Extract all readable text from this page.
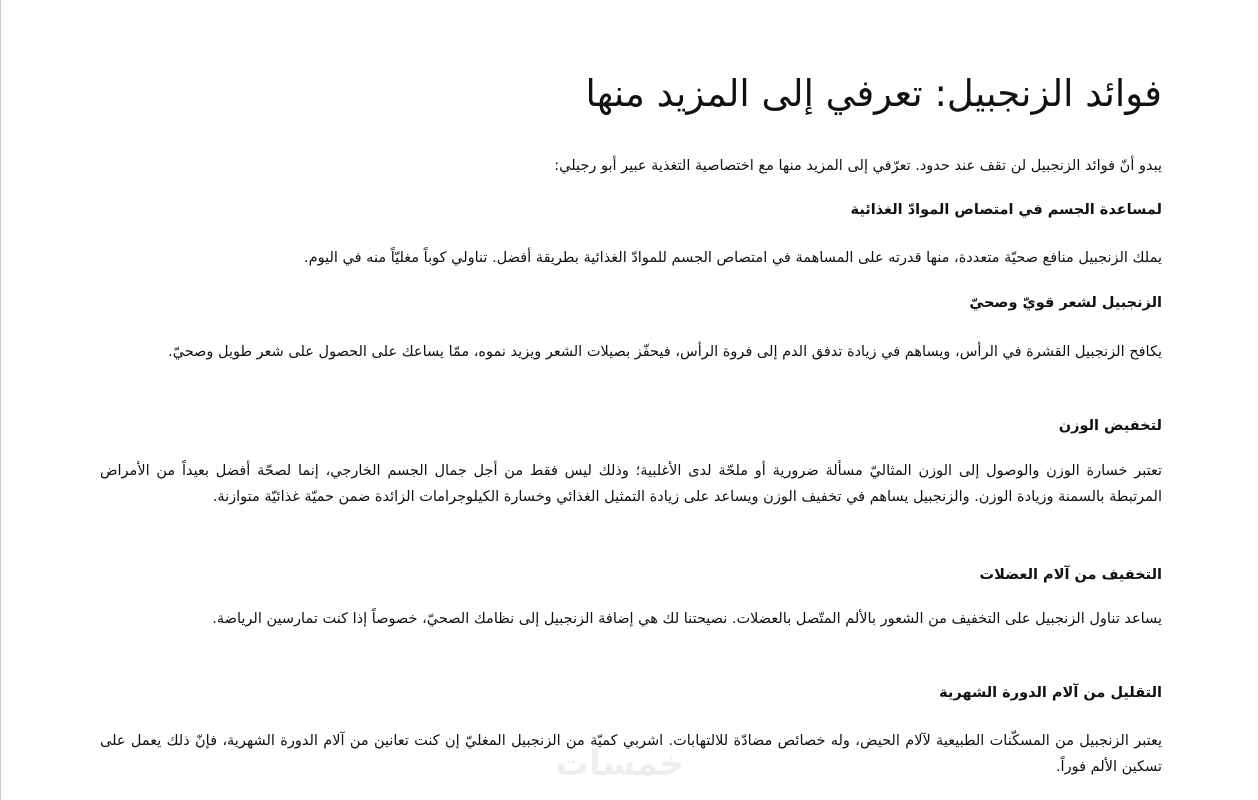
فوائد الزنجبيل: تعرفي إلى المزيد منها

يبدو أنّ فوائد الزنجبيل لن تقف عند حدود. تعرّفي إلى المزيد منها مع اختصاصية التغذية عبير أبو رجيلي:

لمساعدة الجسم في امتصاص الموادّ الغذائية

يملك الزنجبيل منافع صحيّة متعددة، منها قدرته على المساهمة في امتصاص الجسم للموادّ الغذائية بطريقة أفضل. تناولي كوباً مغليّاً منه في اليوم.

الزنجبيل لشعر قويّ وصحيّ

يكافح الزنجبيل القشرة في الرأس، ويساهم في زيادة تدفق الدم إلى فروة الرأس، فيحفّز بصيلات الشعر ويزيد نموه، ممّا يساعك على الحصول على شعر طويل وصحيّ.

لتخفيض الوزن

تعتبر خسارة الوزن والوصول إلى الوزن المثاليّ مسألة ضرورية أو ملحّة لدى الأغلبية؛ وذلك ليس فقط من أجل جمال الجسم الخارجي، إنما لصحّة أفضل بعيداً من الأمراض المرتبطة بالسمنة وزيادة الوزن. والزنجبيل يساهم في تخفيف الوزن ويساعد على زيادة التمثيل الغذائي وخسارة الكيلوجرامات الزائدة ضمن حميّة غذائيّة متوازنة.

التخفيف من آلام العضلات

يساعد تناول الزنجبيل على التخفيف من الشعور بالألم المتّصل بالعضلات. نصيحتنا لك هي إضافة الزنجبيل إلى نظامك الصحيّ، خصوصاً إذا كنت تمارسين الرياضة.

التقليل من آلام الدورة الشهرية

يعتبر الزنجبيل من المسكّنات الطبيعية لآلام الحيض، وله خصائص مضادّة للالتهابات. اشربي كميّة من الزنجبيل المغليّ إن كنت تعانين من آلام الدورة الشهرية، فإنّ ذلك يعمل على تسكين الألم فوراً.

خمسات
